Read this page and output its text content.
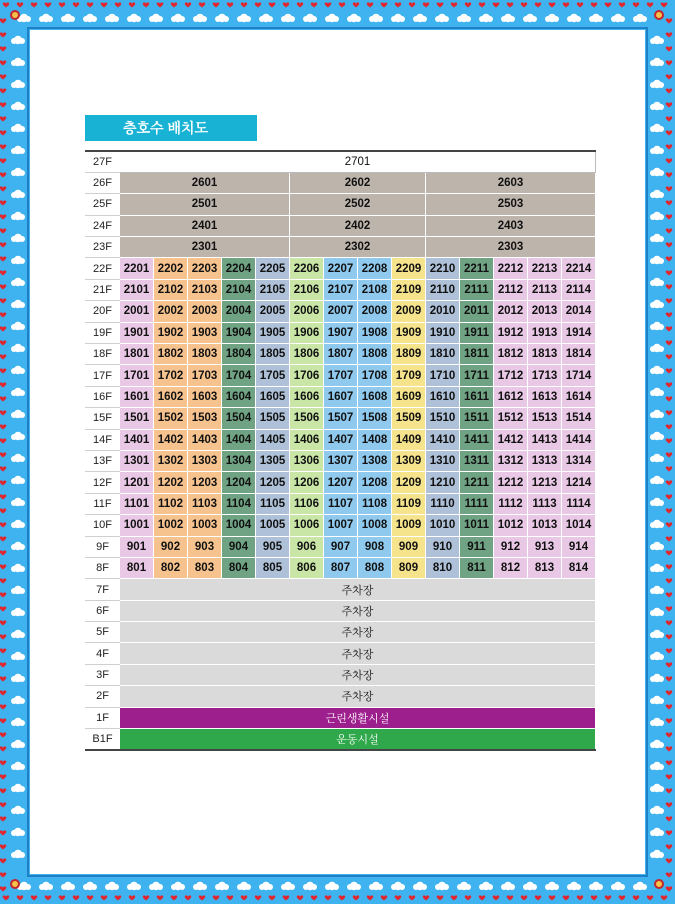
층호수 배치도
27F	2701													
26F	2601					2602				2603				
25F	2501					2502				2503				
24F	2401					2402				2403				
23F	2301					2302				2303				
22F	2201	2202	2203	2204	2205	2206	2207	2208	2209	2210	2211	2212	2213	2214
21F	2101	2102	2103	2104	2105	2106	2107	2108	2109	2110	2111	2112	2113	2114
20F	2001	2002	2003	2004	2005	2006	2007	2008	2009	2010	2011	2012	2013	2014
19F	1901	1902	1903	1904	1905	1906	1907	1908	1909	1910	1911	1912	1913	1914
18F	1801	1802	1803	1804	1805	1806	1807	1808	1809	1810	1811	1812	1813	1814
17F	1701	1702	1703	1704	1705	1706	1707	1708	1709	1710	1711	1712	1713	1714
16F	1601	1602	1603	1604	1605	1606	1607	1608	1609	1610	1611	1612	1613	1614
15F	1501	1502	1503	1504	1505	1506	1507	1508	1509	1510	1511	1512	1513	1514
14F	1401	1402	1403	1404	1405	1406	1407	1408	1409	1410	1411	1412	1413	1414
13F	1301	1302	1303	1304	1305	1306	1307	1308	1309	1310	1311	1312	1313	1314
12F	1201	1202	1203	1204	1205	1206	1207	1208	1209	1210	1211	1212	1213	1214
11F	1101	1102	1103	1104	1105	1106	1107	1108	1109	1110	1111	1112	1113	1114
10F	1001	1002	1003	1004	1005	1006	1007	1008	1009	1010	1011	1012	1013	1014
9F	901	902	903	904	905	906	907	908	909	910	911	912	913	914
8F	801	802	803	804	805	806	807	808	809	810	811	812	813	814
7F	주차장													
6F	주차장													
5F	주차장													
4F	주차장													
3F	주차장													
2F	주차장													
1F	근린생활시설													
B1F	운동시설													
